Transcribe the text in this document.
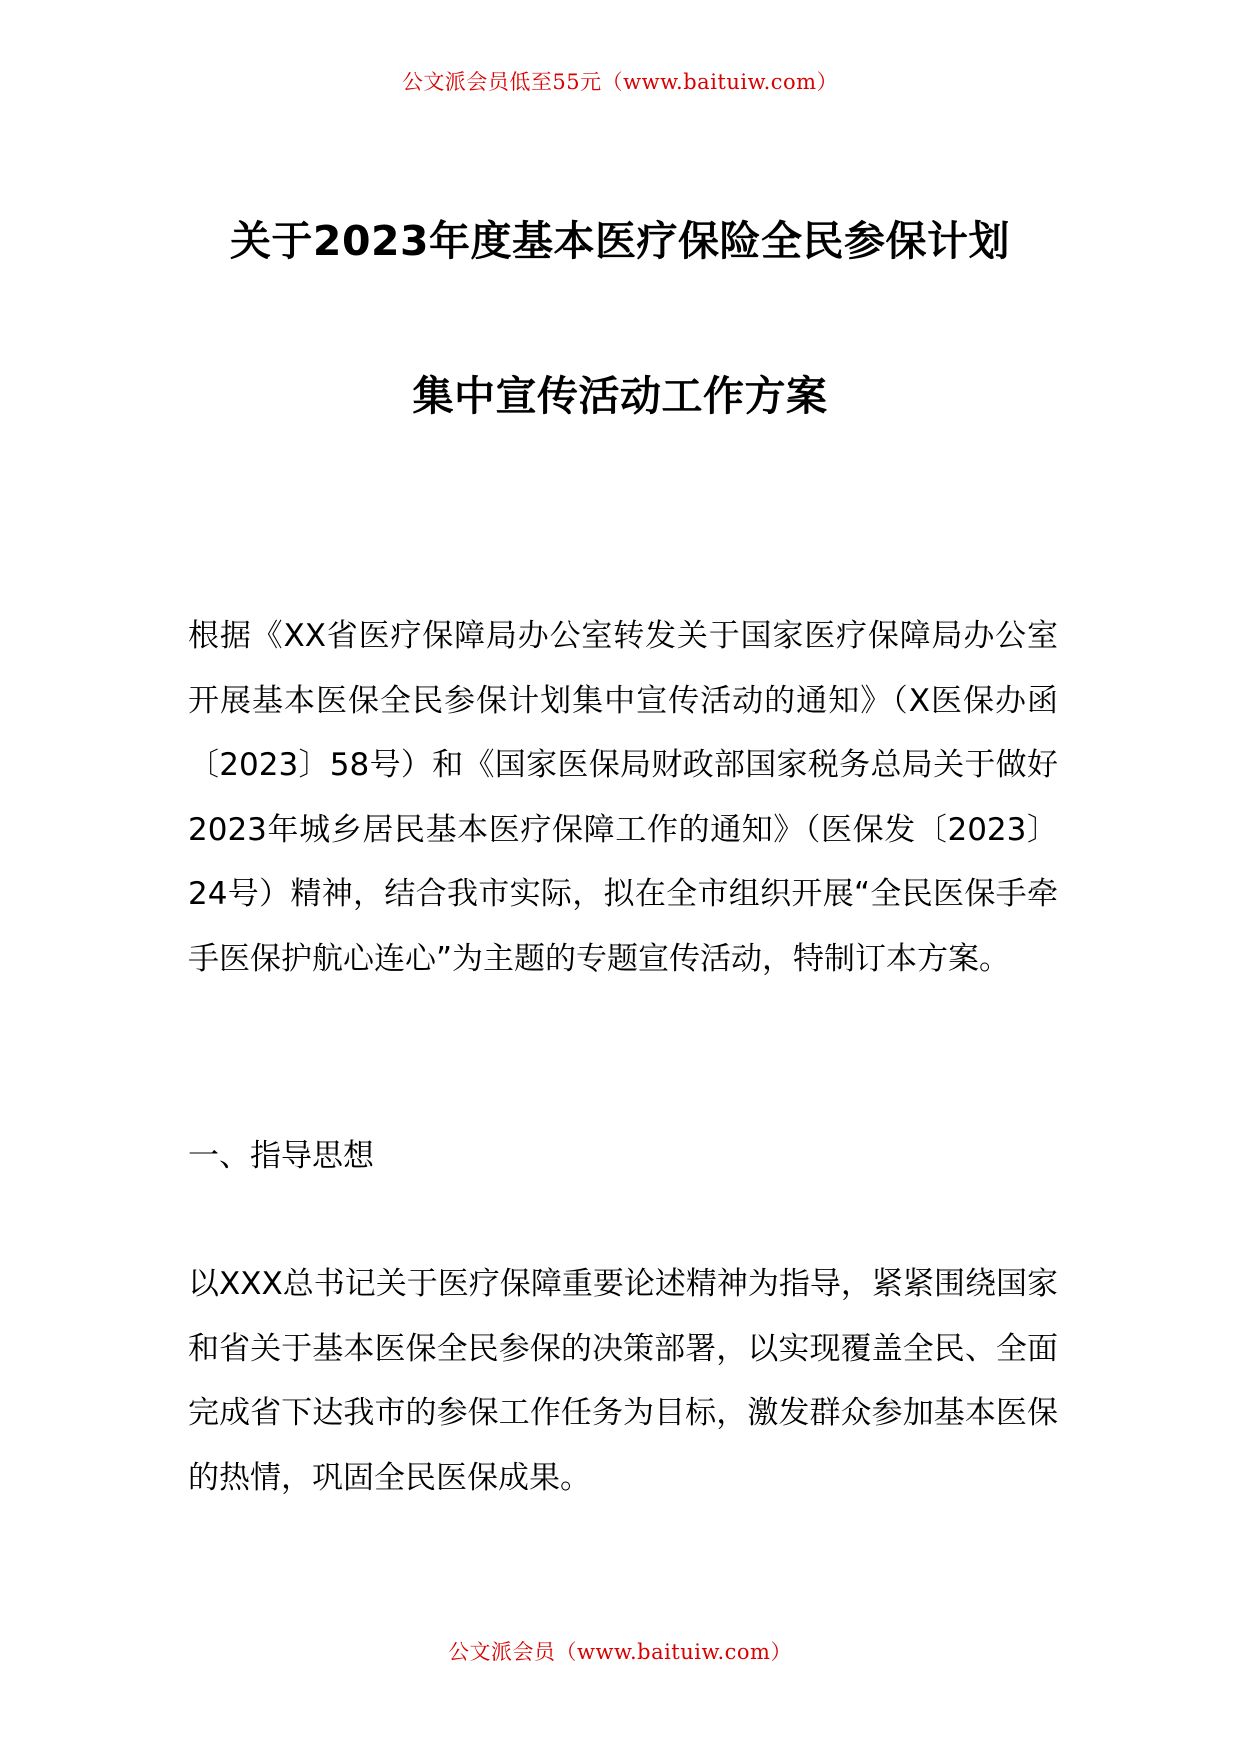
公文派会员低至55元（www.baituiw.com）
关于2023年度基本医疗保险全民参保计划
集中宣传活动工作方案
根据《XX省医疗保障局办公室转发关于国家医疗保障局办公室开展基本医保全民参保计划集中宣传活动的通知》（X医保办函〔2023〕58号）和《国家医保局财政部国家税务总局关于做好2023年城乡居民基本医疗保障工作的通知》（医保发〔2023〕24号）精神，结合我市实际，拟在全市组织开展“全民医保手牵手医保护航心连心”为主题的专题宣传活动，特制订本方案。
一、指导思想
以XXX总书记关于医疗保障重要论述精神为指导，紧紧围绕国家和省关于基本医保全民参保的决策部署，以实现覆盖全民、全面完成省下达我市的参保工作任务为目标，激发群众参加基本医保的热情，巩固全民医保成果。
公文派会员（www.baituiw.com）
